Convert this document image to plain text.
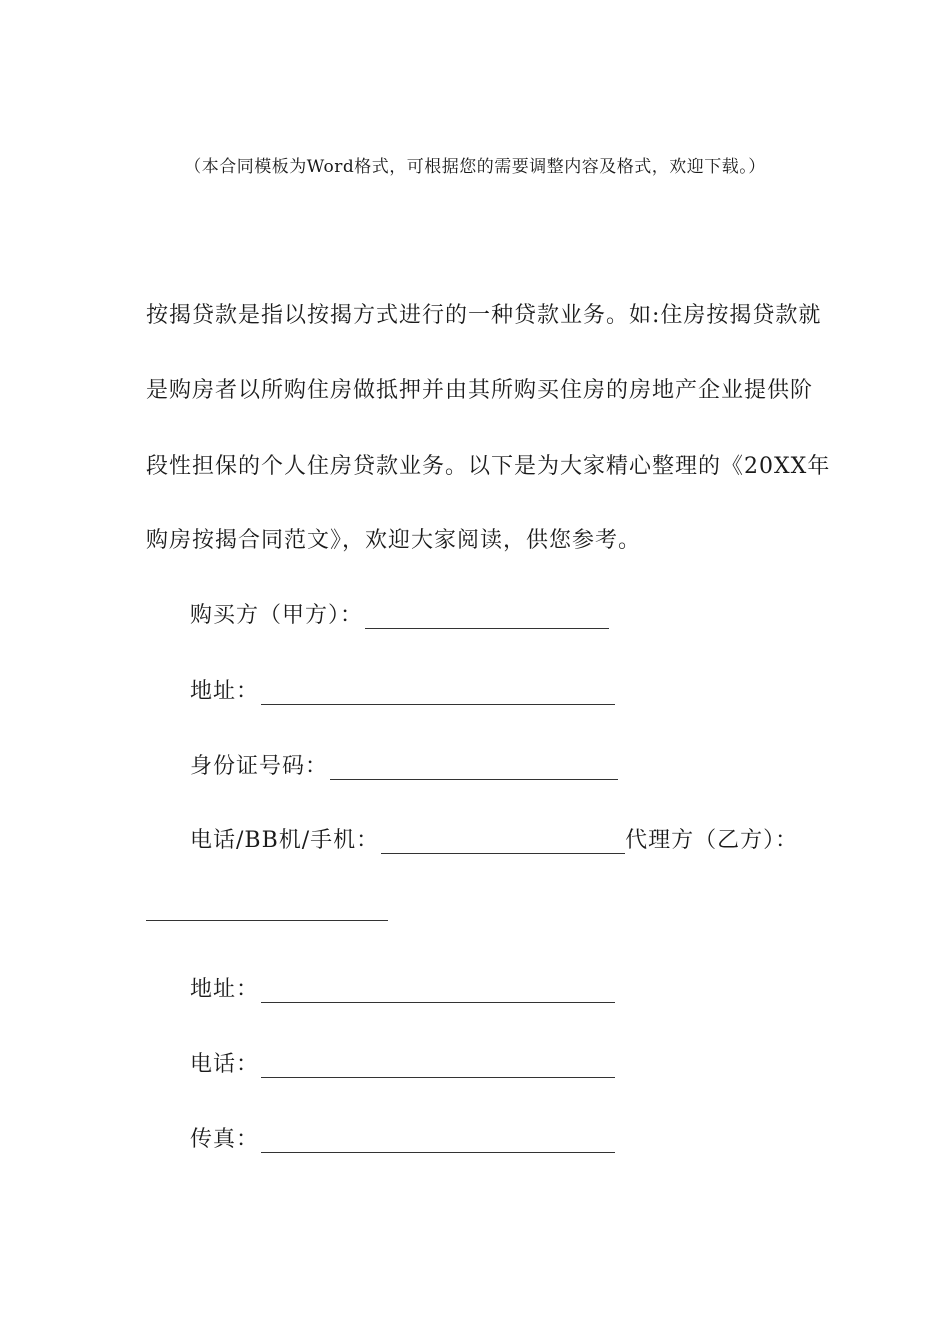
（本合同模板为Word格式，可根据您的需要调整内容及格式，欢迎下载。）
按揭贷款是指以按揭方式进行的一种贷款业务。如:住房按揭贷款就
是购房者以所购住房做抵押并由其所购买住房的房地产企业提供阶
段性担保的个人住房贷款业务。以下是为大家精心整理的《20XX年
购房按揭合同范文》，欢迎大家阅读，供您参考。
购买方（甲方）：
地址：
身份证号码：
电话/BB机/手机：	代理方（乙方）：
地址：
电话：
传真：
